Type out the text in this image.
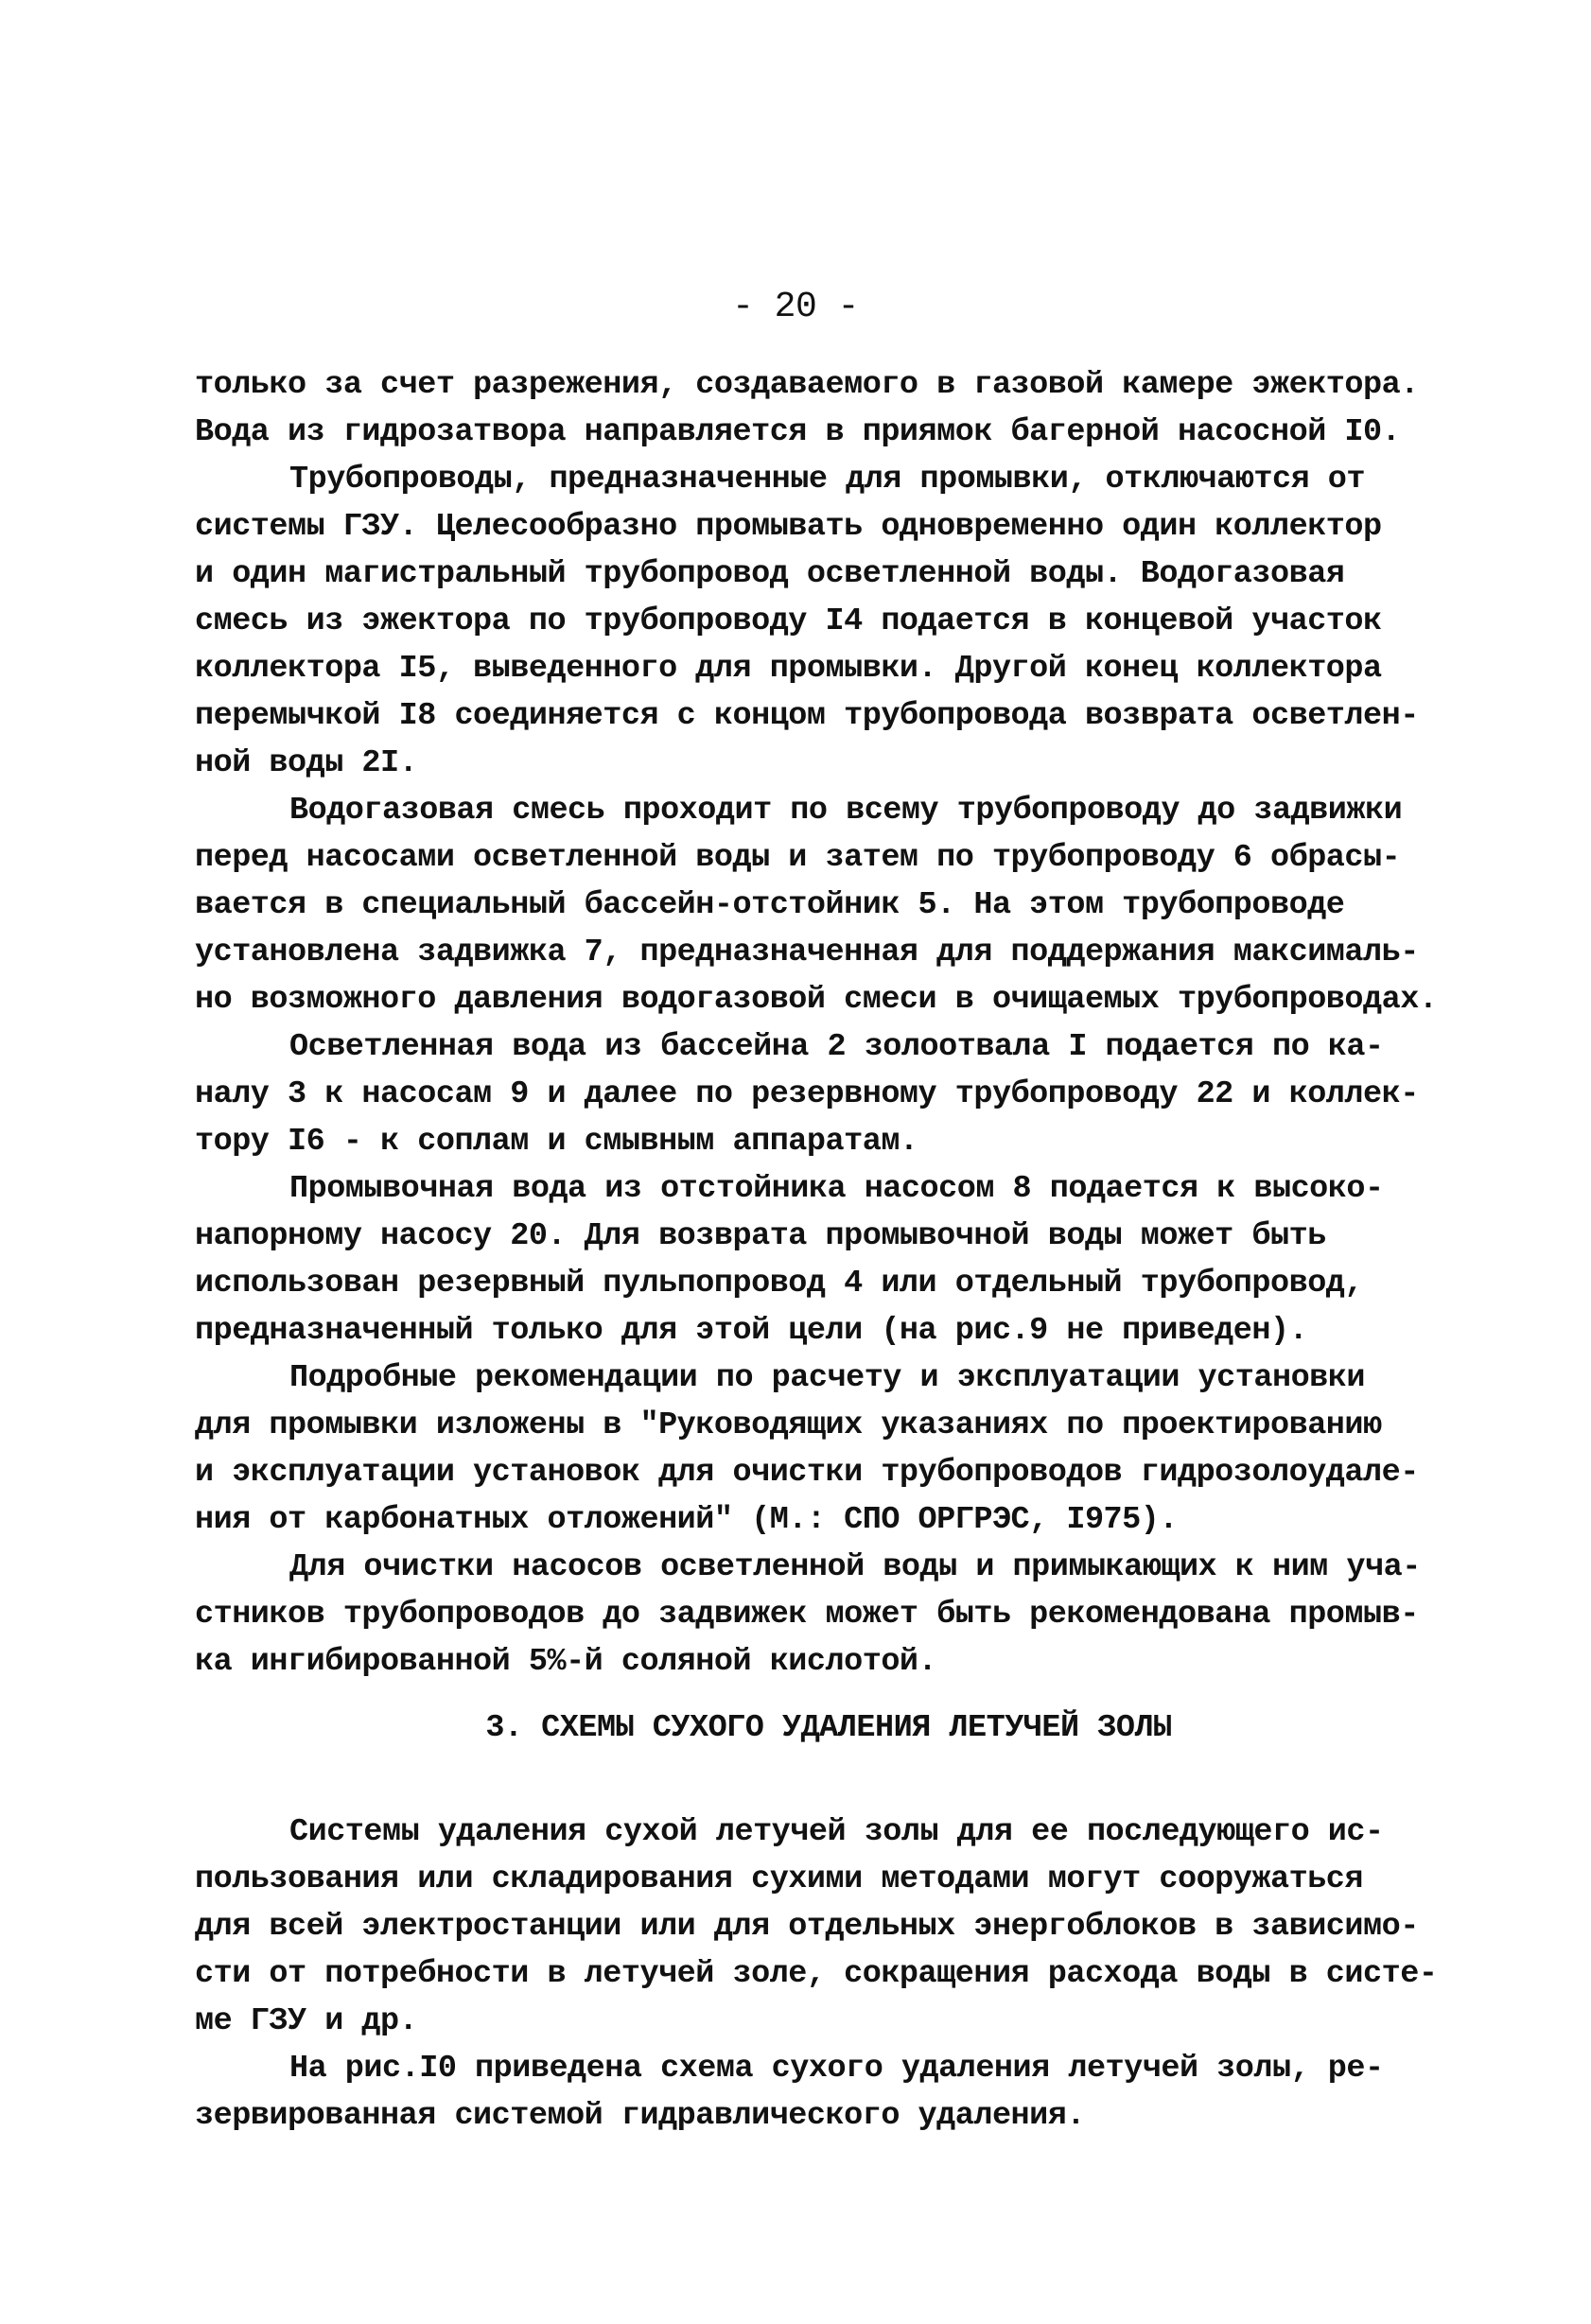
- 20 -
только за счет разрежения, создаваемого в газовой камере эжектора.
Вода из гидрозатвора направляется в приямок багерной насосной I0.
Трубопроводы, предназначенные для промывки, отключаются от
системы ГЗУ. Целесообразно промывать одновременно один коллектор
и один магистральный трубопровод осветленной воды. Водогазовая
смесь из эжектора по трубопроводу I4 подается в концевой участок
коллектора I5, выведенного для промывки. Другой конец коллектора
перемычкой I8 соединяется с концом трубопровода возврата осветлен-
ной воды 2I.
Водогазовая смесь проходит по всему трубопроводу до задвижки
перед насосами осветленной воды и затем по трубопроводу 6 обрасы-
вается в специальный бассейн-отстойник 5. На этом трубопроводе
установлена задвижка 7, предназначенная для поддержания максималь-
но возможного давления водогазовой смеси в очищаемых трубопроводах.
Осветленная вода из бассейна 2 золоотвала I подается по ка-
налу 3 к насосам 9 и далее по резервному трубопроводу 22 и коллек-
тору I6 - к соплам и смывным аппаратам.
Промывочная вода из отстойника насосом 8 подается к высоко-
напорному насосу 20. Для возврата промывочной воды может быть
использован резервный пульпопровод 4 или отдельный трубопровод,
предназначенный только для этой цели (на рис.9 не приведен).
Подробные рекомендации по расчету и эксплуатации установки
для промывки изложены в "Руководящих указаниях по проектированию
и эксплуатации установок для очистки трубопроводов гидрозолоудале-
ния от карбонатных отложений" (М.: СПО ОРГРЭС, I975).
Для очистки насосов осветленной воды и примыкающих к ним уча-
стников трубопроводов до задвижек может быть рекомендована промыв-
ка ингибированной 5%-й соляной кислотой.
3. СХЕМЫ СУХОГО УДАЛЕНИЯ ЛЕТУЧЕЙ ЗОЛЫ
Системы удаления сухой летучей золы для ее последующего ис-
пользования или складирования сухими методами могут сооружаться
для всей электростанции или для отдельных энергоблоков в зависимо-
сти от потребности в летучей золе, сокращения расхода воды в систе-
ме ГЗУ и др.
На рис.I0 приведена схема сухого удаления летучей золы, ре-
зервированная системой гидравлического удаления.
